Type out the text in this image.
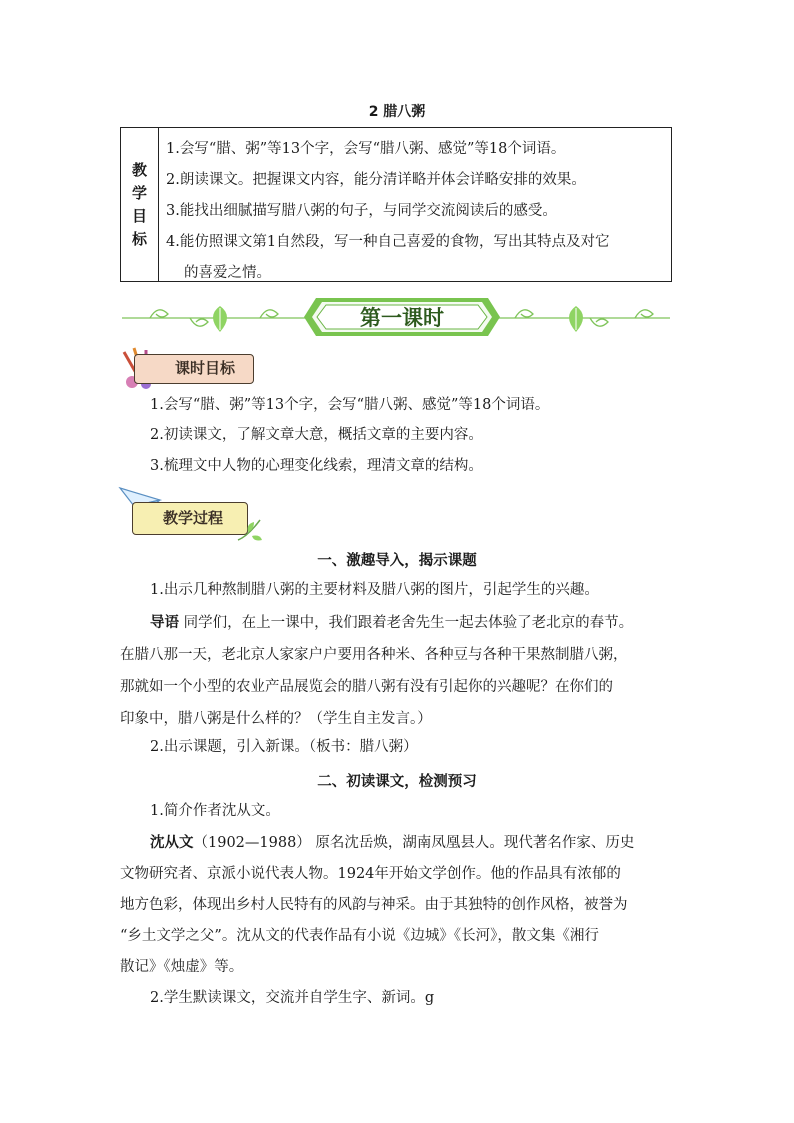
2 腊八粥
教
学
目
标
1.会写“腊、粥”等13个字，会写“腊八粥、感觉”等18个词语。
2.朗读课文。把握课文内容，能分清详略并体会详略安排的效果。
3.能找出细腻描写腊八粥的句子，与同学交流阅读后的感受。
4.能仿照课文第1自然段，写一种自己喜爱的食物，写出其特点及对它
的喜爱之情。
第一课时
课时目标
1.会写“腊、粥”等13个字，会写“腊八粥、感觉”等18个词语。
2.初读课文，了解文章大意，概括文章的主要内容。
3.梳理文中人物的心理变化线索，理清文章的结构。
教学过程
一、激趣导入，揭示课题
1.出示几种熬制腊八粥的主要材料及腊八粥的图片，引起学生的兴趣。
导语 同学们，在上一课中，我们跟着老舍先生一起去体验了老北京的春节。
在腊八那一天，老北京人家家户户要用各种米、各种豆与各种干果熬制腊八粥，
那就如一个小型的农业产品展览会的腊八粥有没有引起你的兴趣呢？在你们的
印象中，腊八粥是什么样的？（学生自主发言。）
2.出示课题，引入新课。（板书：腊八粥）
二、初读课文，检测预习
1.简介作者沈从文。
沈从文（1902—1988） 原名沈岳焕，湖南凤凰县人。现代著名作家、历史
文物研究者、京派小说代表人物。1924年开始文学创作。他的作品具有浓郁的
地方色彩，体现出乡村人民特有的风韵与神采。由于其独特的创作风格，被誉为
“乡土文学之父”。沈从文的代表作品有小说《边城》《长河》，散文集《湘行
散记》《烛虚》等。
2.学生默读课文，交流并自学生字、新词。g
